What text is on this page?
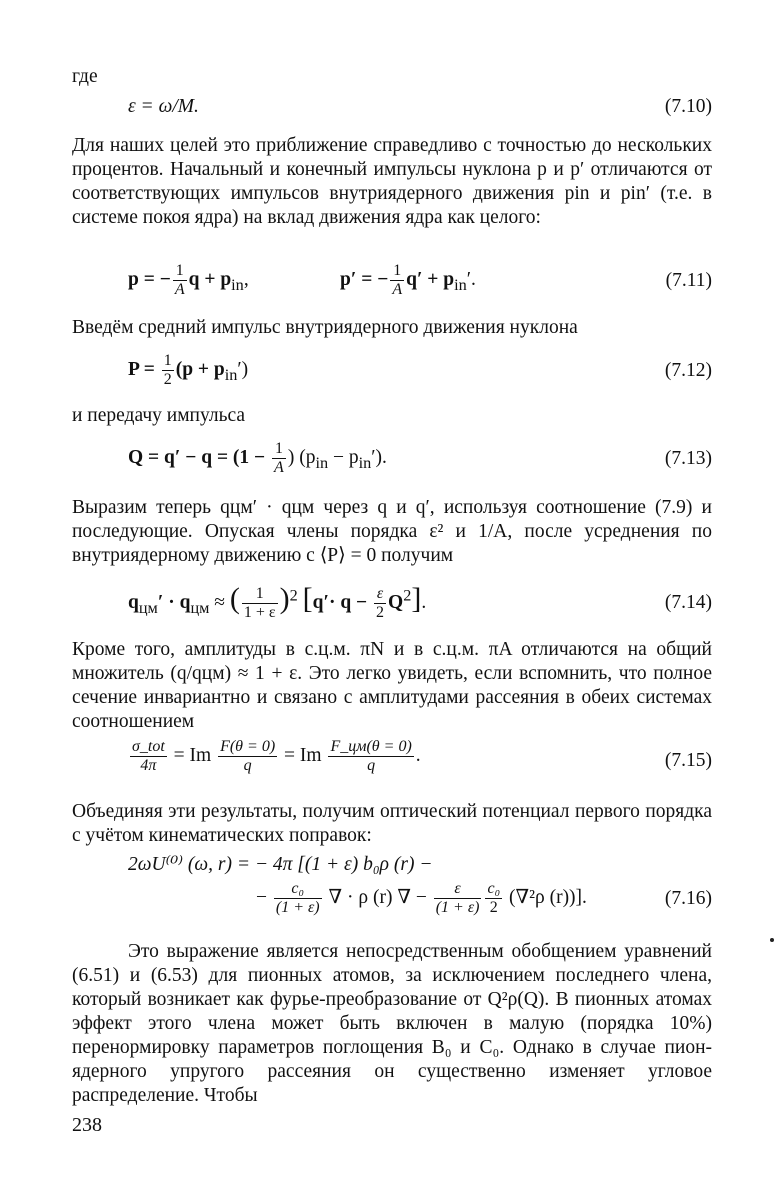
где
ε = ω/M.	(7.10)

Для наших целей это приближение справедливо с точностью до нескольких процентов. Начальный и конечный импульсы нуклона p и p′ отличаются от соответствующих импульсов внутриядерного движения pin и pin′ (т.е. в системе покоя ядра) на вклад движения ядра как целого:

p = − $\frac{1}{A}$ $q + p_{in}$,	p′ = − $\frac{1}{A} q' + p_{in}'$.	(7.11)

Введём средний импульс внутриядерного движения нуклона

$P = \frac{1}{2} (p + p_{in}')$	(7.12)

и передачу импульса

$Q = q' - q = (1 - \frac{1}{A}$ ) $(p_{in} - p_{in}')$.	(7.13)

Выразим теперь qцм′ · qцм через q и q′, используя соотношение (7.9) и последующие. Опуская члены порядка ε² и 1/A, после усреднения по внутриядерному движению с ⟨P⟩ = 0 получим

$q_{цм}' \cdot q_{цм}$ ≈ ( $\frac{1}{1 + \varepsilon} )^2$ $[q'\cdot q - \frac{\varepsilon}{2} Q^2]$.	(7.14)

Кроме того, амплитуды в с.ц.м. πN и в с.ц.м. πA отличаются на общий множитель (q/qцм) ≈ 1 + ε. Это легко увидеть, если вспомнить, что полное сечение инвариантно и связано с амплитудами рассеяния в обеих системах соотношением

$\frac{\text{σ\_tot}}{4\pi} = Im \frac{F(\theta = 0)}{q} = Im \frac{F\_цм(\theta = 0)}{q}$ .	(7.15)

Объединяя эти результаты, получим оптический потенциал первого порядка с учётом кинематических поправок:

2ωU⁽⁰⁾ (ω, r) = − 4π [(1 + ε) b₀ρ (r) −
− $\frac{\text{c₀}}{(1 + \varepsilon)}$ ∇ · ρ (r) ∇ − $\frac{\varepsilon}{(1 + \varepsilon)} \frac{\text{c₀}}{2} (\nabla^2\rho$ (r))].	(7.16)

Это выражение является непосредственным обобщением уравнений (6.51) и (6.53) для пионных атомов, за исключением последнего члена, который возникает как фурье-преобразование от Q²ρ(Q). В пионных атомах эффект этого члена может быть включен в малую (порядка 10%) перенормировку параметров поглощения B₀ и C₀. Однако в случае пион-ядерного упругого рассеяния он существенно изменяет угловое распределение. Чтобы

238
